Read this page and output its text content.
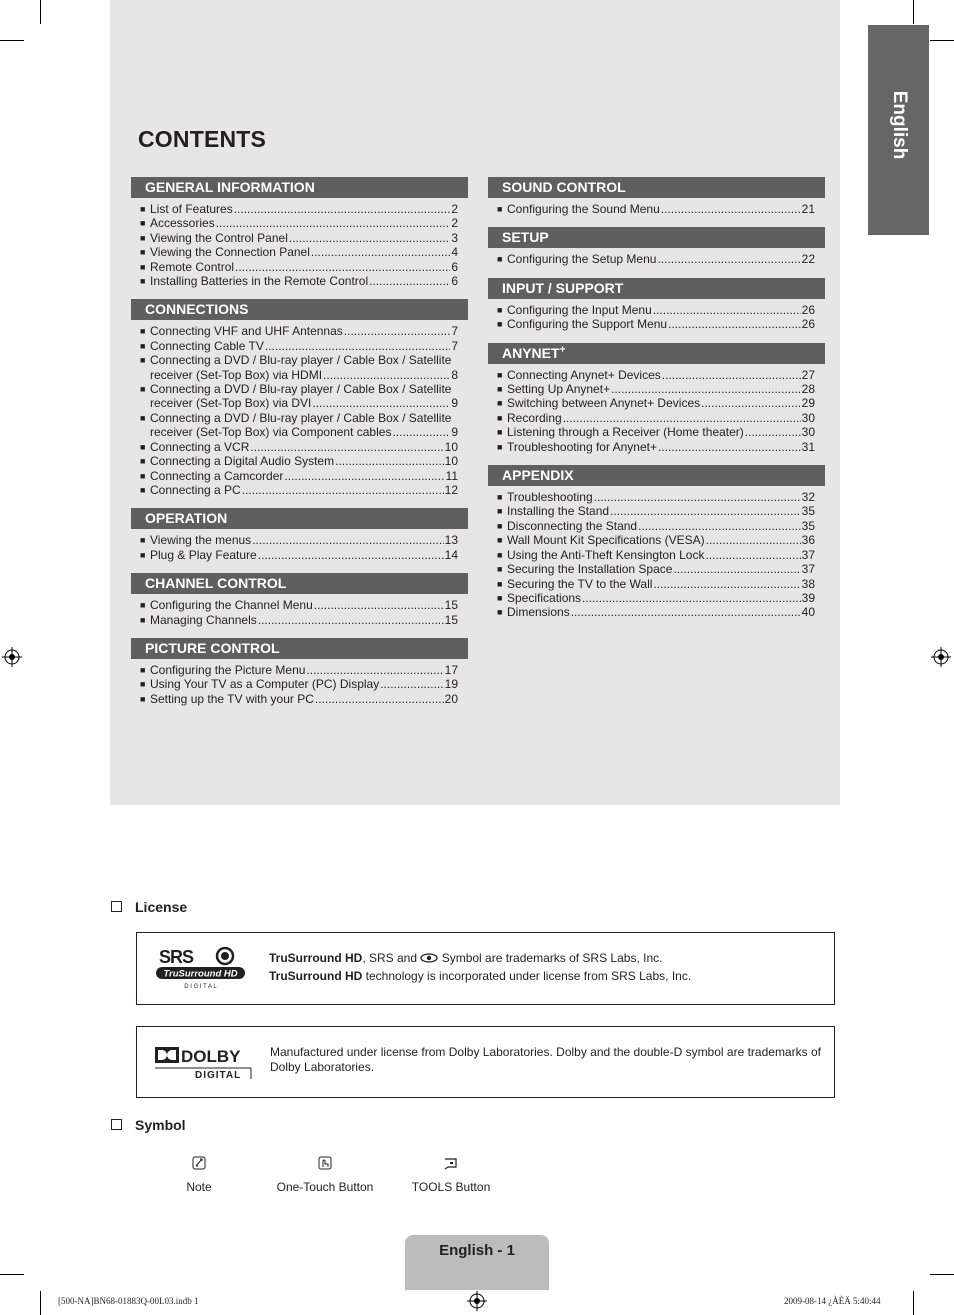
CONTENTS	English
GENERAL INFORMATION
■ List of Features .....	2
■ Accessories .....	2
■ Viewing the Control Panel .....	3
■ Viewing the Connection Panel .....	4
■ Remote Control .....	6
■ Installing Batteries in the Remote Control .....	6
CONNECTIONS
■ Connecting VHF and UHF Antennas .....	7
■ Connecting Cable TV .....	7
■ Connecting a DVD / Blu-ray player / Cable Box / Satellite
receiver (Set-Top Box) via HDMI .....	8
■ Connecting a DVD / Blu-ray player / Cable Box / Satellite
receiver (Set-Top Box) via DVI .....	9
■ Connecting a DVD / Blu-ray player / Cable Box / Satellite
receiver (Set-Top Box) via Component cables .....	9
■ Connecting a VCR .....	10
■ Connecting a Digital Audio System .....	10
■ Connecting a Camcorder .....	11
■ Connecting a PC .....	12
OPERATION
■ Viewing the menus .....	13
■ Plug & Play Feature .....	14
CHANNEL CONTROL
■ Configuring the Channel Menu .....	15
■ Managing Channels .....	15
PICTURE CONTROL
■ Configuring the Picture Menu .....	17
■ Using Your TV as a Computer (PC) Display .....	19
■ Setting up the TV with your PC .....	20
SOUND CONTROL
■ Configuring the Sound Menu .....	21
SETUP
■ Configuring the Setup Menu .....	22
INPUT / SUPPORT
■ Configuring the Input Menu .....	26
■ Configuring the Support Menu .....	26
ANYNET+
■ Connecting Anynet+ Devices .....	27
■ Setting Up Anynet+ .....	28
■ Switching between Anynet+ Devices .....	29
■ Recording .....	30
■ Listening through a Receiver (Home theater) .....	30
■ Troubleshooting for Anynet+ .....	31
APPENDIX
■ Troubleshooting .....	32
■ Installing the Stand .....	35
■ Disconnecting the Stand .....	35
■ Wall Mount Kit Specifications (VESA) .....	36
■ Using the Anti-Theft Kensington Lock .....	37
■ Securing the Installation Space .....	37
■ Securing the TV to the Wall .....	38
■ Specifications .....	39
■ Dimensions .....	40
License
SRS
TruSurround HD
D I G I T A L
TruSurround HD, SRS and  Symbol are trademarks of SRS Labs, Inc.
TruSurround HD technology is incorporated under license from SRS Labs, Inc.
DOLBY
DIGITAL
Manufactured under license from Dolby Laboratories. Dolby and the double-D symbol are trademarks of Dolby Laboratories.
Symbol
Note	One-Touch Button	TOOLS Button
English - 1
[500-NA]BN68-01883Q-00L03.indb 1	2009-08-14 ¿ÀÈÄ 5:40:44
